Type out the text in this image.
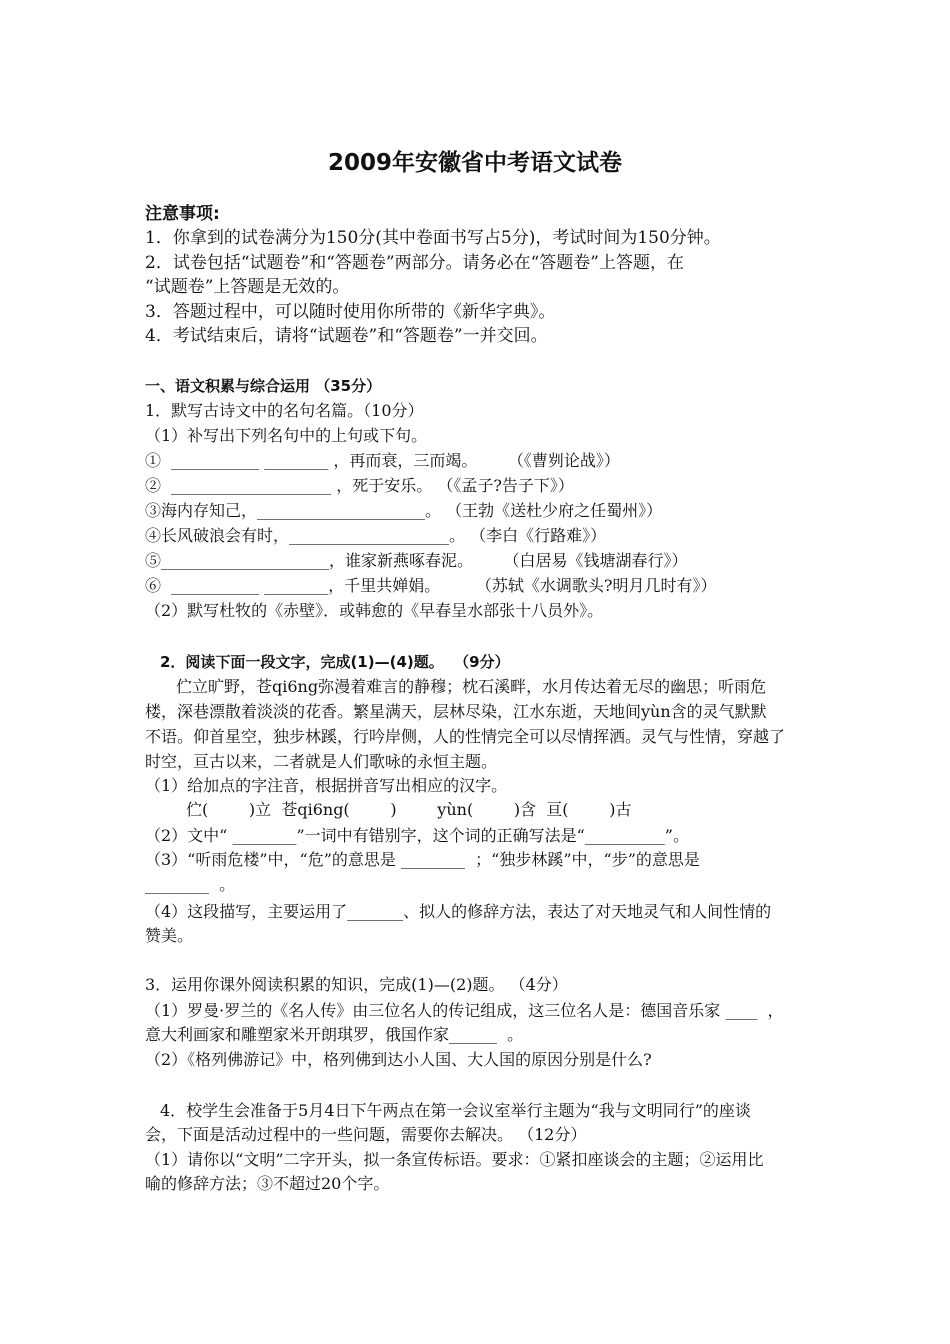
2009年安徽省中考语文试卷
注意事项:
1．你拿到的试卷满分为150分(其中卷面书写占5分)，考试时间为150分钟。
2．试卷包括“试题卷”和“答题卷”两部分。请务必在“答题卷”上答题，在
“试题卷”上答题是无效的。
3．答题过程中，可以随时使用你所带的《新华字典》。
4．考试结束后，请将“试题卷”和“答题卷”一并交回。
一、语文积累与综合运用 （35分）
1．默写古诗文中的名句名篇。（10分）
（1）补写出下列名句中的上句或下句。
①  ___________ ________ ，再而衰，三而竭。      （《曹刿论战》）
②  ____________________ ，死于安乐。 （《孟子?告子下》）
③海内存知己，_____________________。 （王勃《送杜少府之任蜀州》）
④长风破浪会有时，____________________。 （李白《行路难》）
⑤_____________________，谁家新燕啄春泥。      （白居易《钱塘湖春行》）
⑥  ___________ ________，千里共婵娟。       （苏轼《水调歌头?明月几时有》）
（2）默写杜牧的《赤壁》．或韩愈的《早春呈水部张十八员外》。
2．阅读下面一段文字，完成(1)—(4)题。  （9分）
伫立旷野，苍qi6ng弥漫着难言的静穆；枕石溪畔，水月传达着无尽的幽思；听雨危
楼，深巷漂散着淡淡的花香。繁星满天，层林尽染，江水东逝，天地间yùn含的灵气默默
不语。仰首星空，独步林蹊，行吟岸侧，人的性情完全可以尽情挥洒。灵气与性情，穿越了
时空，亘古以来，二者就是人们歌咏的永恒主题。
（1）给加点的字注音，根据拼音写出相应的汉字。
伫(        )立  苍qi6ng(        )        yùn(        )含  亘(        )古
（2）文中“ ________”一词中有错别字，这个词的正确写法是“__________”。
（3）“听雨危楼”中，“危”的意思是 ________  ；“独步林蹊”中，“步”的意思是
________  。
（4）这段描写，主要运用了_______、拟人的修辞方法，表达了对天地灵气和人间性情的
赞美。
3．运用你课外阅读积累的知识，完成(1)—(2)题。 （4分）
（1）罗曼·罗兰的《名人传》由三位名人的传记组成，这三位名人是：德国音乐家 ____  ，
意大利画家和雕塑家米开朗琪罗，俄国作家______  。
（2）《格列佛游记》中，格列佛到达小人国、大人国的原因分别是什么?
4．校学生会准备于5月4日下午两点在第一会议室举行主题为“我与文明同行”的座谈
会，下面是活动过程中的一些问题，需要你去解决。 （12分）
（1）请你以“文明”二字开头，拟一条宣传标语。要求：①紧扣座谈会的主题；②运用比
喻的修辞方法；③不超过20个字。
